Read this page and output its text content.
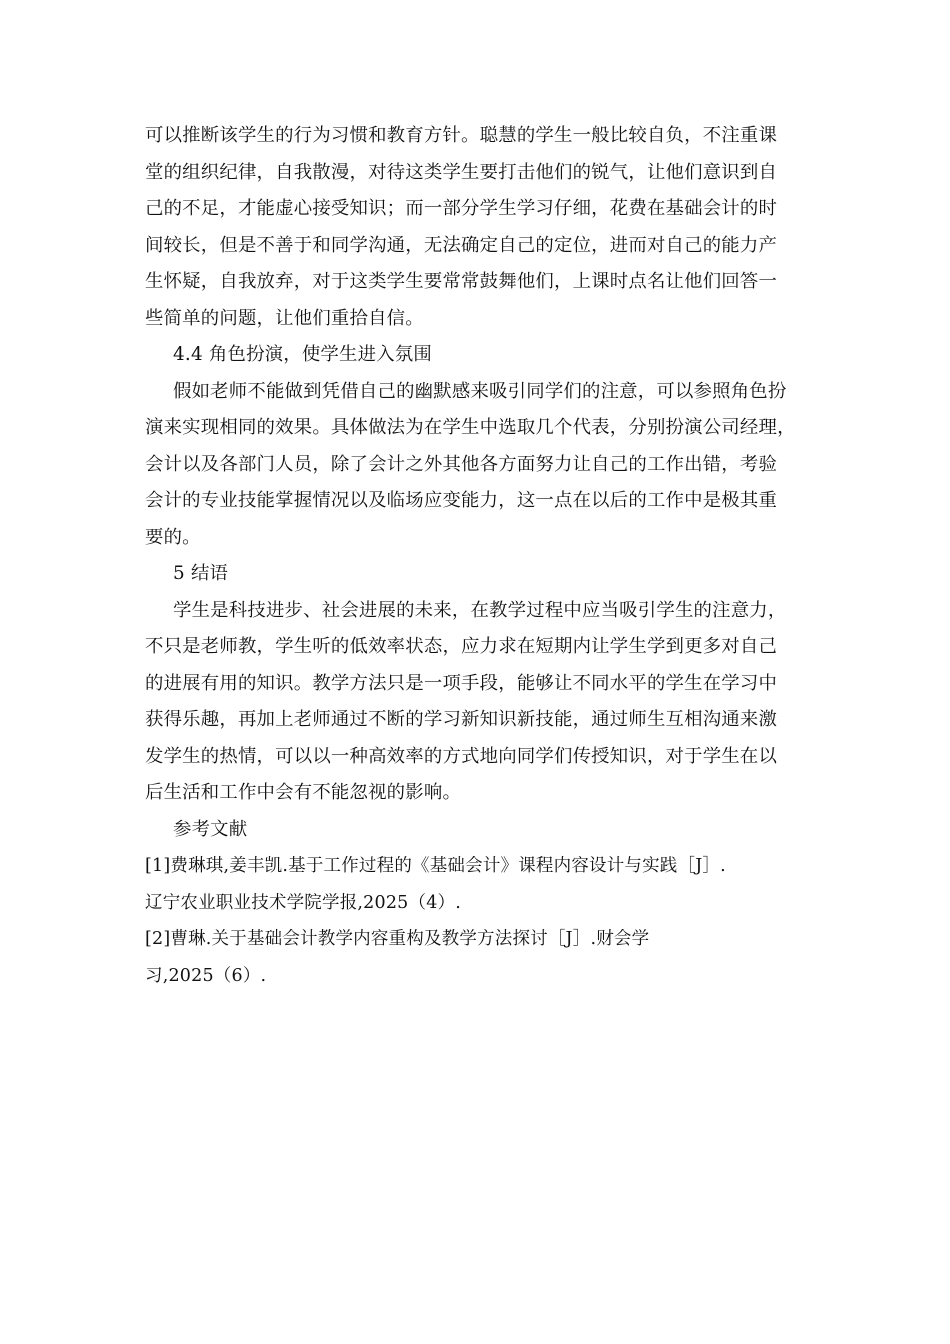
可以推断该学生的行为习惯和教育方针。聪慧的学生一般比较自负，不注重课
堂的组织纪律，自我散漫，对待这类学生要打击他们的锐气，让他们意识到自
己的不足，才能虚心接受知识；而一部分学生学习仔细，花费在基础会计的时
间较长，但是不善于和同学沟通，无法确定自己的定位，进而对自己的能力产
生怀疑，自我放弃，对于这类学生要常常鼓舞他们，上课时点名让他们回答一
些简单的问题，让他们重拾自信。
4.4 角色扮演，使学生进入氛围
假如老师不能做到凭借自己的幽默感来吸引同学们的注意，可以参照角色扮
演来实现相同的效果。具体做法为在学生中选取几个代表，分别扮演公司经理，
会计以及各部门人员，除了会计之外其他各方面努力让自己的工作出错，考验
会计的专业技能掌握情况以及临场应变能力，这一点在以后的工作中是极其重
要的。
5 结语
学生是科技进步、社会进展的未来，在教学过程中应当吸引学生的注意力，
不只是老师教，学生听的低效率状态，应力求在短期内让学生学到更多对自己
的进展有用的知识。教学方法只是一项手段，能够让不同水平的学生在学习中
获得乐趣，再加上老师通过不断的学习新知识新技能，通过师生互相沟通来激
发学生的热情，可以以一种高效率的方式地向同学们传授知识，对于学生在以
后生活和工作中会有不能忽视的影响。
参考文献
[1]费琳琪,姜丰凯.基于工作过程的《基础会计》课程内容设计与实践［J］.
辽宁农业职业技术学院学报,2025（4）.
[2]曹琳.关于基础会计教学内容重构及教学方法探讨［J］.财会学
习,2025（6）.
